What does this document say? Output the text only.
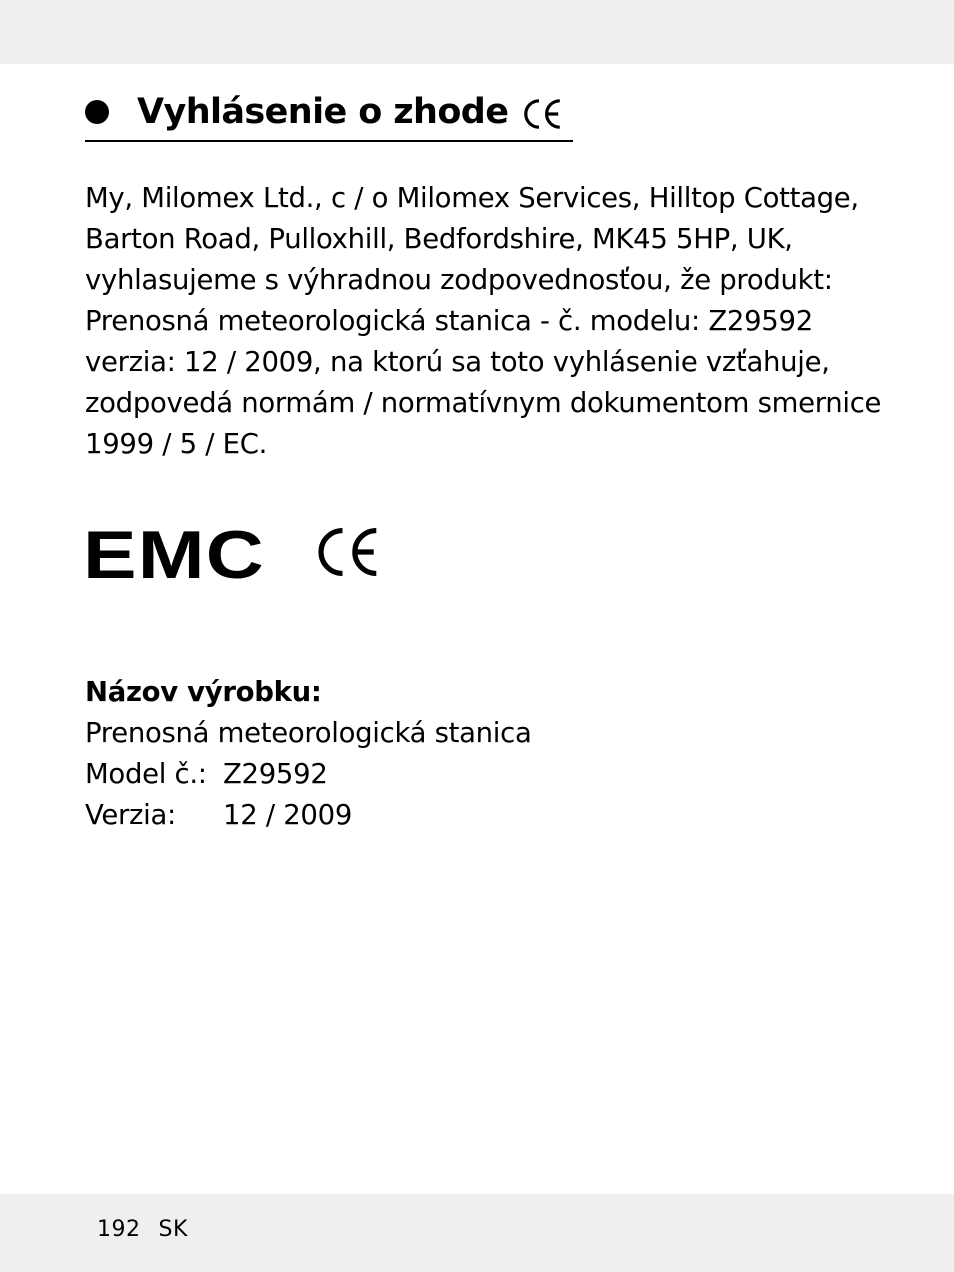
Vyhlásenie o zhode
My, Milomex Ltd., c / o Milomex Services, Hilltop Cottage,
Barton Road, Pulloxhill, Bedfordshire, MK45 5HP, UK,
vyhlasujeme s výhradnou zodpovednosťou, že produkt:
Prenosná meteorologická stanica - č. modelu: Z29592
verzia: 12 / 2009, na ktorú sa toto vyhlásenie vzťahuje,
zodpovedá normám / normatívnym dokumentom smernice
1999 / 5 / EC.
EMC
Názov výrobku:
Prenosná meteorologická stanica
Model č.: Z29592
Verzia: 12 / 2009
192 SK
